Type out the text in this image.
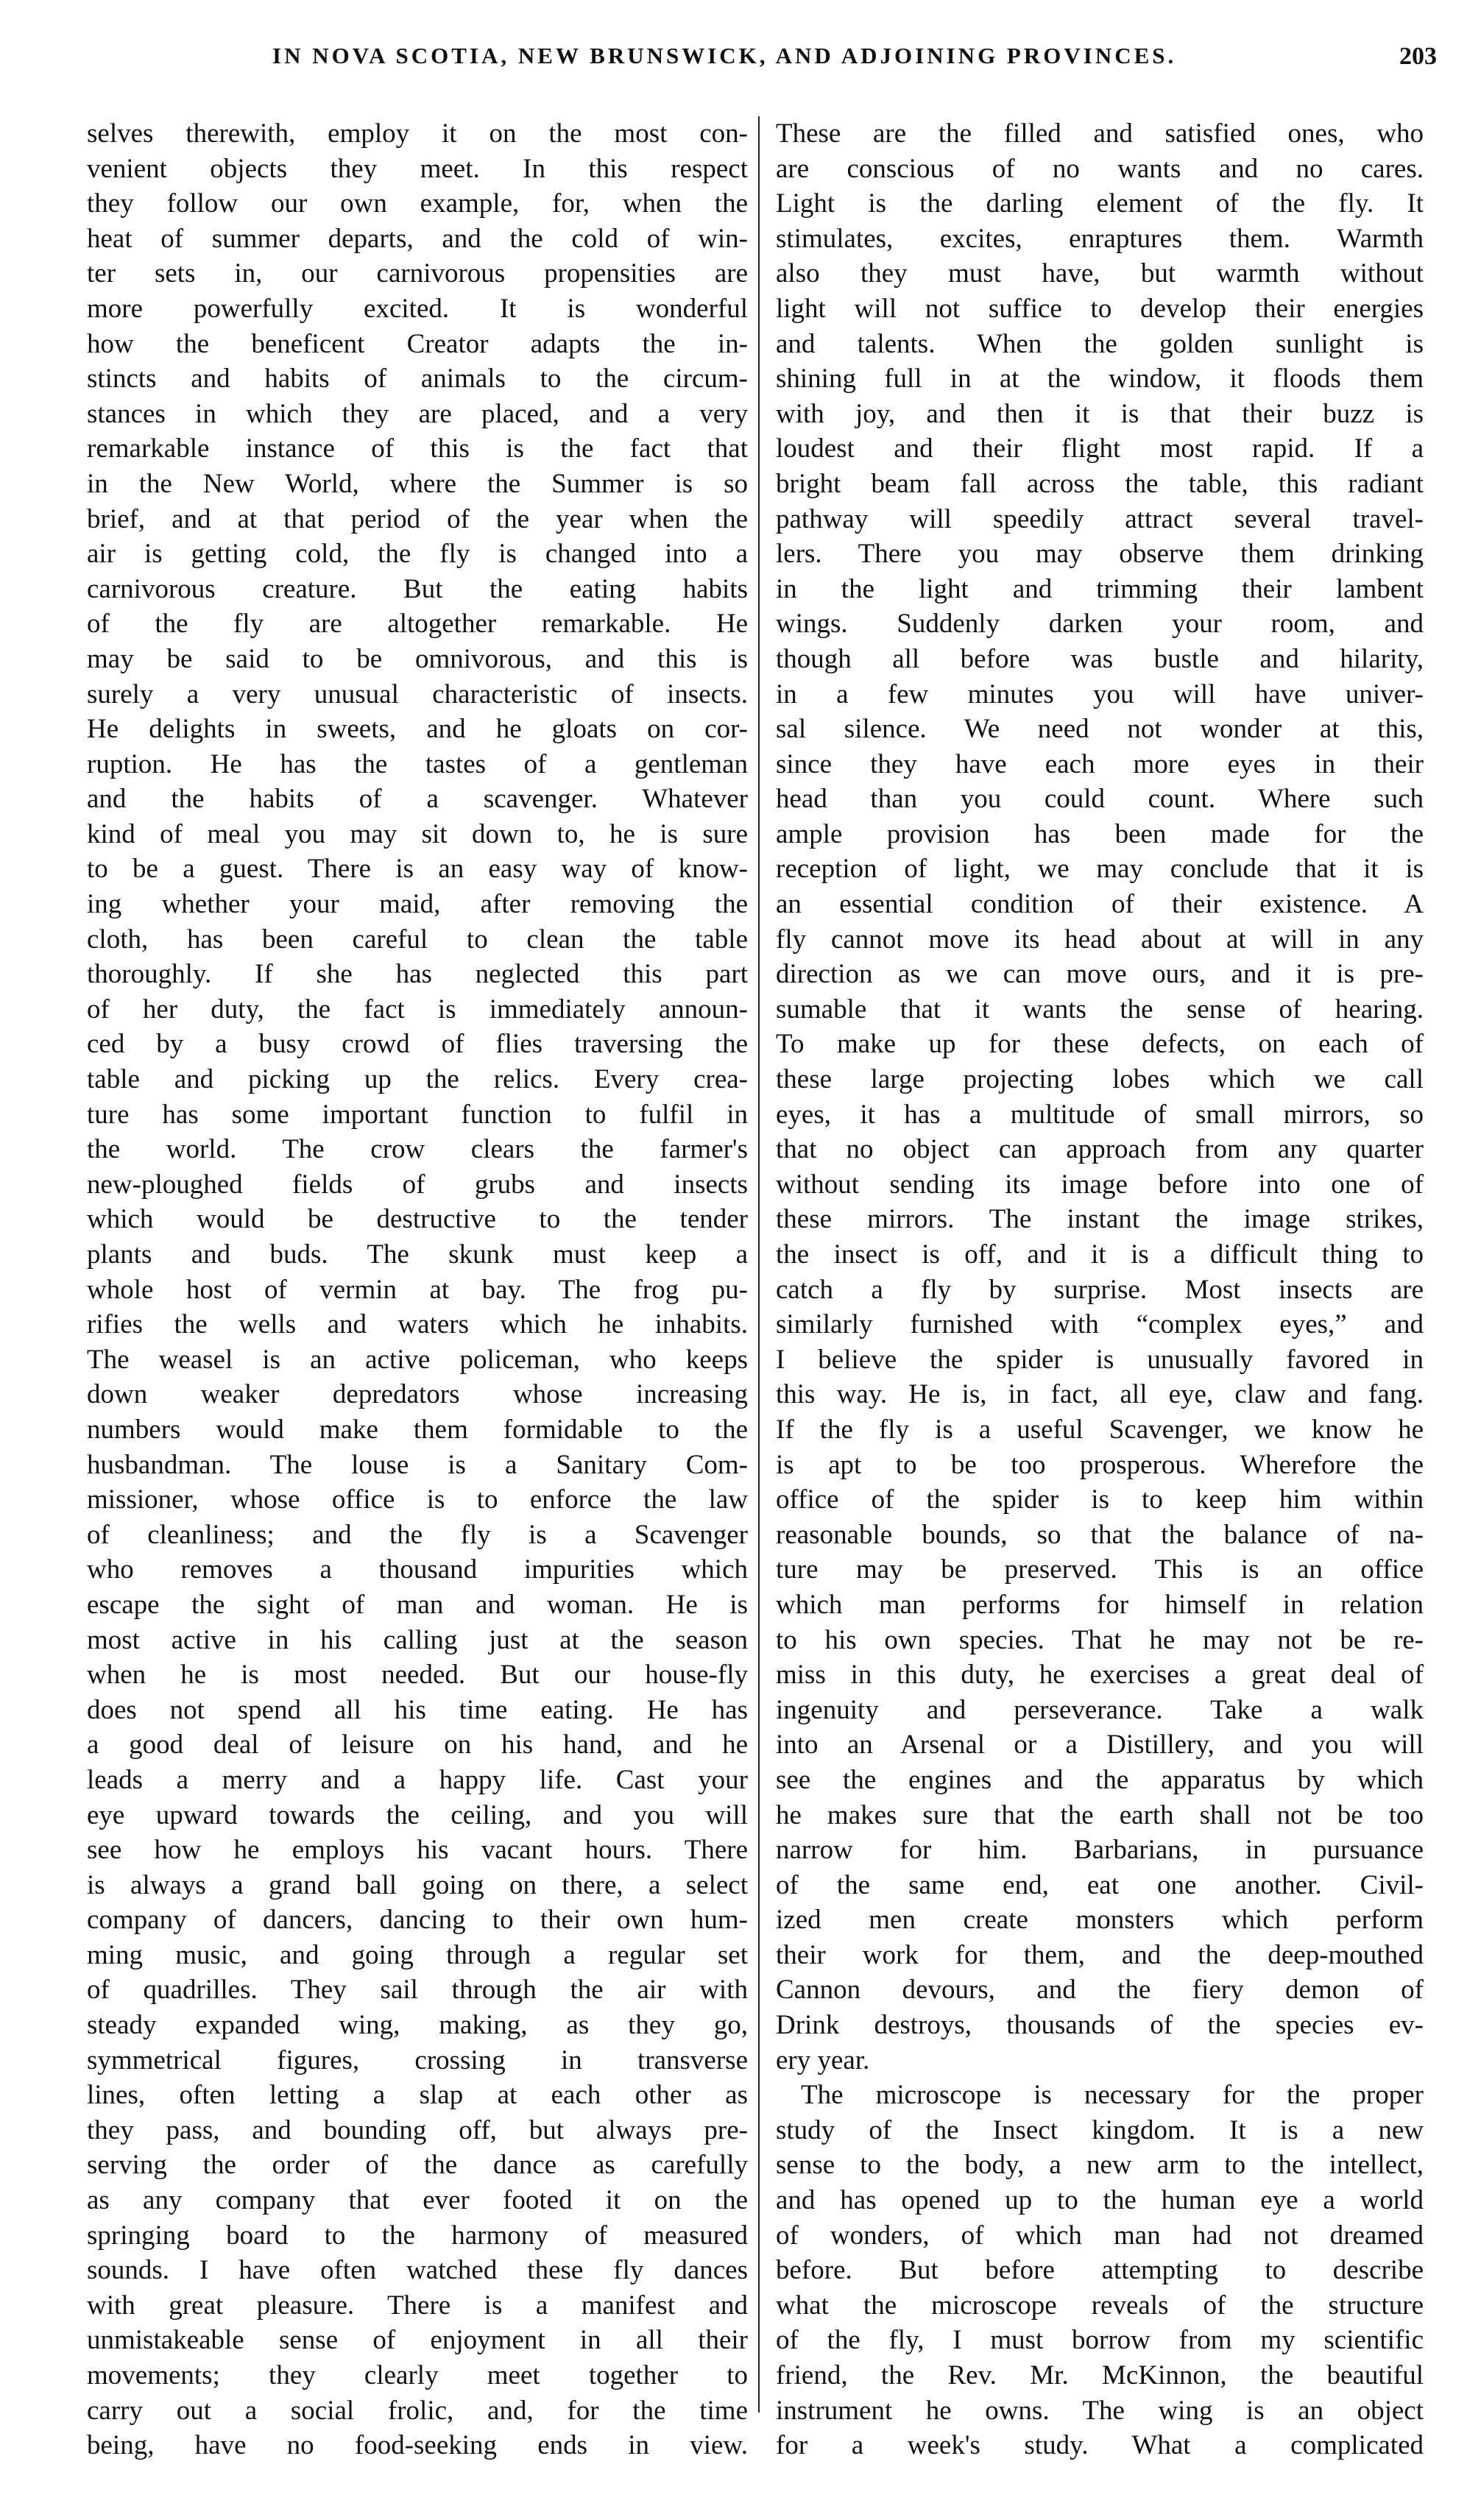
IN NOVA SCOTIA, NEW BRUNSWICK, AND ADJOINING PROVINCES.	203
selves therewith, employ it on the most con-
venient objects they meet. In this respect
they follow our own example, for, when the
heat of summer departs, and the cold of win-
ter sets in, our carnivorous propensities are
more powerfully excited. It is wonderful
how the beneficent Creator adapts the in-
stincts and habits of animals to the circum-
stances in which they are placed, and a very
remarkable instance of this is the fact that
in the New World, where the Summer is so
brief, and at that period of the year when the
air is getting cold, the fly is changed into a
carnivorous creature. But the eating habits
of the fly are altogether remarkable. He
may be said to be omnivorous, and this is
surely a very unusual characteristic of insects.
He delights in sweets, and he gloats on cor-
ruption. He has the tastes of a gentleman
and the habits of a scavenger. Whatever
kind of meal you may sit down to, he is sure
to be a guest. There is an easy way of know-
ing whether your maid, after removing the
cloth, has been careful to clean the table
thoroughly. If she has neglected this part
of her duty, the fact is immediately announ-
ced by a busy crowd of flies traversing the
table and picking up the relics. Every crea-
ture has some important function to fulfil in
the world. The crow clears the farmer's
new-ploughed fields of grubs and insects
which would be destructive to the tender
plants and buds. The skunk must keep a
whole host of vermin at bay. The frog pu-
rifies the wells and waters which he inhabits.
The weasel is an active policeman, who keeps
down weaker depredators whose increasing
numbers would make them formidable to the
husbandman. The louse is a Sanitary Com-
missioner, whose office is to enforce the law
of cleanliness; and the fly is a Scavenger
who removes a thousand impurities which
escape the sight of man and woman. He is
most active in his calling just at the season
when he is most needed. But our house-fly
does not spend all his time eating. He has
a good deal of leisure on his hand, and he
leads a merry and a happy life. Cast your
eye upward towards the ceiling, and you will
see how he employs his vacant hours. There
is always a grand ball going on there, a select
company of dancers, dancing to their own hum-
ming music, and going through a regular set
of quadrilles. They sail through the air with
steady expanded wing, making, as they go,
symmetrical figures, crossing in transverse
lines, often letting a slap at each other as
they pass, and bounding off, but always pre-
serving the order of the dance as carefully
as any company that ever footed it on the
springing board to the harmony of measured
sounds. I have often watched these fly dances
with great pleasure. There is a manifest and
unmistakeable sense of enjoyment in all their
movements; they clearly meet together to
carry out a social frolic, and, for the time
being, have no food-seeking ends in view.
These are the filled and satisfied ones, who
are conscious of no wants and no cares.
Light is the darling element of the fly. It
stimulates, excites, enraptures them. Warmth
also they must have, but warmth without
light will not suffice to develop their energies
and talents. When the golden sunlight is
shining full in at the window, it floods them
with joy, and then it is that their buzz is
loudest and their flight most rapid. If a
bright beam fall across the table, this radiant
pathway will speedily attract several travel-
lers. There you may observe them drinking
in the light and trimming their lambent
wings. Suddenly darken your room, and
though all before was bustle and hilarity,
in a few minutes you will have univer-
sal silence. We need not wonder at this,
since they have each more eyes in their
head than you could count. Where such
ample provision has been made for the
reception of light, we may conclude that it is
an essential condition of their existence. A
fly cannot move its head about at will in any
direction as we can move ours, and it is pre-
sumable that it wants the sense of hearing.
To make up for these defects, on each of
these large projecting lobes which we call
eyes, it has a multitude of small mirrors, so
that no object can approach from any quarter
without sending its image before into one of
these mirrors. The instant the image strikes,
the insect is off, and it is a difficult thing to
catch a fly by surprise. Most insects are
similarly furnished with “complex eyes,” and
I believe the spider is unusually favored in
this way. He is, in fact, all eye, claw and fang.
If the fly is a useful Scavenger, we know he
is apt to be too prosperous. Wherefore the
office of the spider is to keep him within
reasonable bounds, so that the balance of na-
ture may be preserved. This is an office
which man performs for himself in relation
to his own species. That he may not be re-
miss in this duty, he exercises a great deal of
ingenuity and perseverance. Take a walk
into an Arsenal or a Distillery, and you will
see the engines and the apparatus by which
he makes sure that the earth shall not be too
narrow for him. Barbarians, in pursuance
of the same end, eat one another. Civil-
ized men create monsters which perform
their work for them, and the deep-mouthed
Cannon devours, and the fiery demon of
Drink destroys, thousands of the species ev-
ery year.
The microscope is necessary for the proper
study of the Insect kingdom. It is a new
sense to the body, a new arm to the intellect,
and has opened up to the human eye a world
of wonders, of which man had not dreamed
before. But before attempting to describe
what the microscope reveals of the structure
of the fly, I must borrow from my scientific
friend, the Rev. Mr. McKinnon, the beautiful
instrument he owns. The wing is an object
for a week's study. What a complicated
